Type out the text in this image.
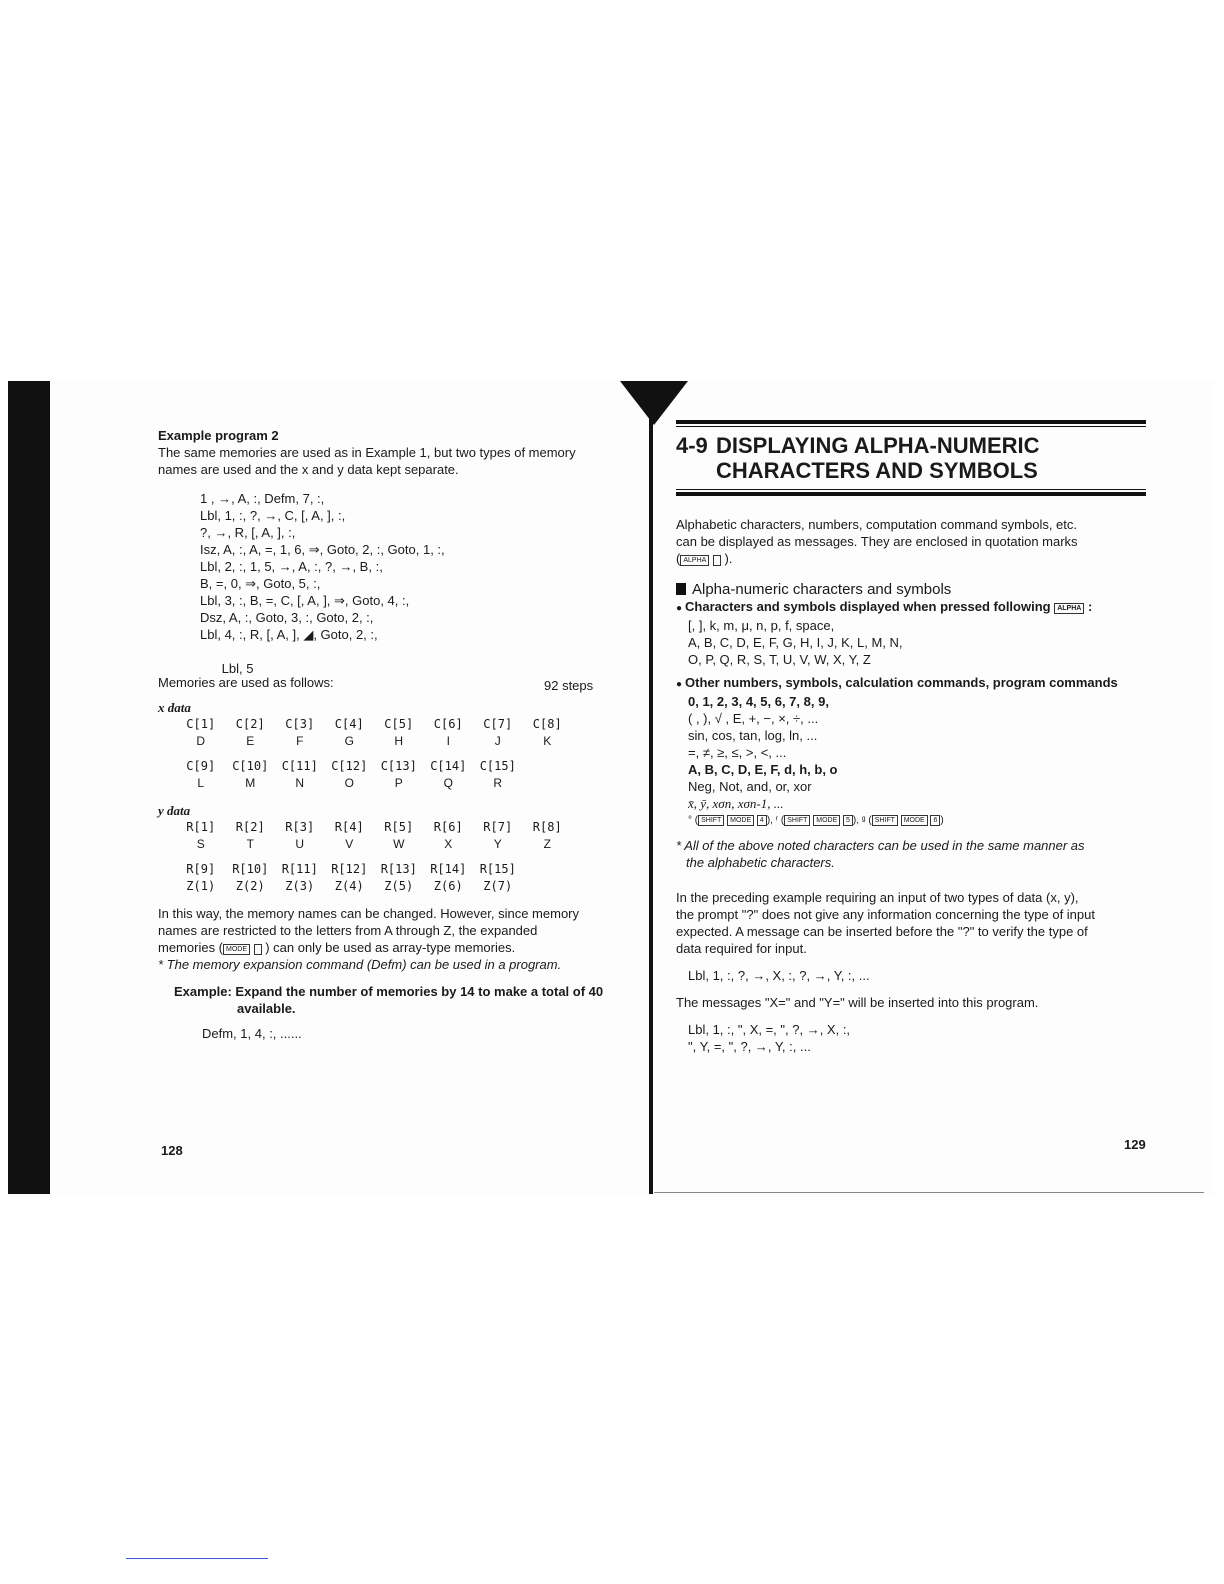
Example program 2

The same memories are used as in Example 1, but two types of memory

names are used and the x and y data kept separate.

1 , →, A, :, Defm, 7, :,
Lbl, 1, :, ?, →, C, [, A, ], :,
?, →, R, [, A, ], :,
Isz, A, :, A, =, 1, 6, ⇒, Goto, 2, :, Goto, 1, :,
Lbl, 2, :, 1, 5, →, A, :, ?, →, B, :,
B, =, 0, ⇒, Goto, 5, :,
Lbl, 3, :, B, =, C, [, A, ], ⇒, Goto, 4, :,
Dsz, A, :, Goto, 3, :, Goto, 2, :,
Lbl, 4, :, R, [, A, ], ◢, Goto, 2, :,

Lbl, 5

92 steps

Memories are used as follows:

x data

C[1]	C[2]	C[3]	C[4]	C[5]	C[6]	C[7]	C[8]
D	E	F	G	H	I	J	K
C[9]	C[10]	C[11]	C[12]	C[13]	C[14]	C[15]
L	M	N	O	P	Q	R

y data

R[1]	R[2]	R[3]	R[4]	R[5]	R[6]	R[7]	R[8]
S	T	U	V	W	X	Y	Z
R[9]	R[10]	R[11]	R[12]	R[13]	R[14]	R[15]
Z(1)	Z(2)	Z(3)	Z(4)	Z(5)	Z(6)	Z(7)

In this way, the memory names can be changed. However, since memory

names are restricted to the letters from A through Z, the expanded

memories ( MODE   ) can only be used as array-type memories.

* The memory expansion command (Defm) can be used in a program.

Example: Expand the number of memories by 14 to make a total of 40

available.

Defm, 1, 4, :, ......

128
4-9 DISPLAYING ALPHA-NUMERIC
CHARACTERS AND SYMBOLS

Alphabetic characters, numbers, computation command symbols, etc.

can be displayed as messages. They are enclosed in quotation marks

( ALPHA   ).

Alpha-numeric characters and symbols

● Characters and symbols displayed when pressed following ALPHA :

[, ], k, m, μ, n, p, f, space,

A, B, C, D, E, F, G, H, I, J, K, L, M, N,

O, P, Q, R, S, T, U, V, W, X, Y, Z

● Other numbers, symbols, calculation commands, program commands

0, 1, 2, 3, 4, 5, 6, 7, 8, 9,

( , ), √ , E, +, −, ×, ÷, ...

sin, cos, tan, log, ln, ...

=, ≠, ≥, ≤, >, <, ...

A, B, C, D, E, F, d, h, b, o

Neg, Not, and, or, xor

x̄, ȳ, xσn, xσn-1, ...

° ( SHIFT MODE 4 ), ʳ ( SHIFT MODE 5 ), ᵍ ( SHIFT MODE 6 )

* All of the above noted characters can be used in the same manner as

the alphabetic characters.

In the preceding example requiring an input of two types of data (x, y),

the prompt "?" does not give any information concerning the type of input

expected. A message can be inserted before the "?" to verify the type of

data required for input.

Lbl, 1, :, ?, →, X, :, ?, →, Y, :, ...

The messages "X=" and "Y=" will be inserted into this program.

Lbl, 1, :, ", X, =, ", ?, →, X, :,

", Y, =, ", ?, →, Y, :, ...

129
